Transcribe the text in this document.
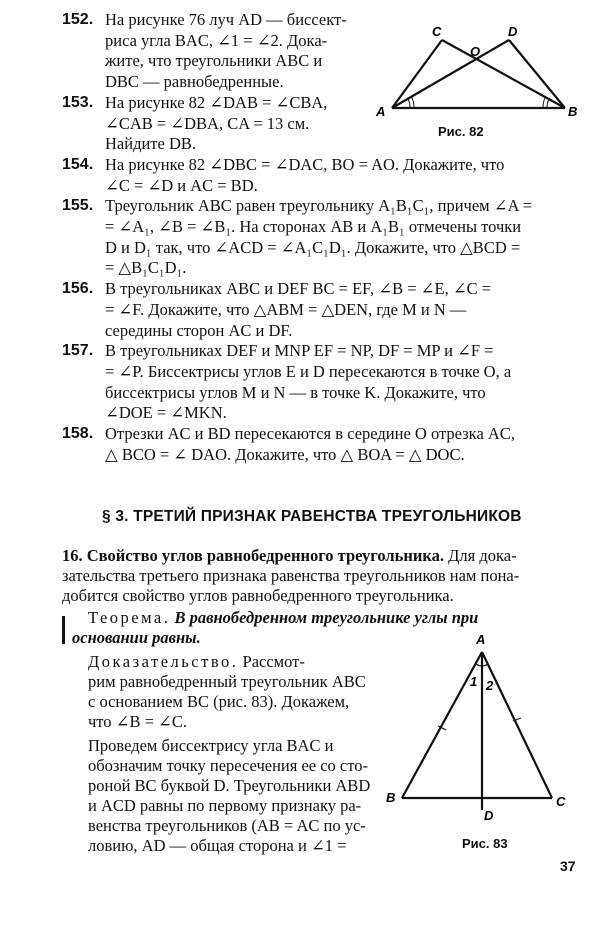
152. На рисунке 76 луч AD — биссект-
риса угла BAC, ∠1 = ∠2. Дока-
жите, что треугольники ABC и
DBC — равнобедренные.
153. На рисунке 82 ∠DAB = ∠CBA,
∠CAB = ∠DBA, CA = 13 см.
Найдите DB.
154. На рисунке 82 ∠DBC = ∠DAC, BO = AO. Докажите, что
∠C = ∠D и AC = BD.
155. Треугольник ABC равен треугольнику A₁B₁C₁, причем ∠A =
= ∠A₁, ∠B = ∠B₁. На сторонах AB и A₁B₁ отмечены точки
D и D₁ так, что ∠ACD = ∠A₁C₁D₁. Докажите, что △BCD =
= △B₁C₁D₁.
156. В треугольниках ABC и DEF BC = EF, ∠B = ∠E, ∠C =
= ∠F. Докажите, что △ABM = △DEN, где M и N —
середины сторон AC и DF.
157. В треугольниках DEF и MNP EF = NP, DF = MP и ∠F =
= ∠P. Биссектрисы углов E и D пересекаются в точке O, а
биссектрисы углов M и N — в точке K. Докажите, что
∠DOE = ∠MKN.
158. Отрезки AC и BD пересекаются в середине O отрезка AC,
△ BCO = ∠ DAO. Докажите, что △ BOA = △ DOC.
A	B
C	D
O
Рис. 82
§ 3. ТРЕТИЙ ПРИЗНАК РАВЕНСТВА ТРЕУГОЛЬНИКОВ
16. Свойство углов равнобедренного треугольника. Для дока-
зательства третьего признака равенства треугольников нам пона-
добится свойство углов равнобедренного треугольника.
Теорема. В равнобедренном треугольнике углы при
основании равны.
Доказательство. Рассмот-
рим равнобедренный треугольник ABC
с основанием BC (рис. 83). Докажем,
что ∠B = ∠C.
Проведем биссектрису угла BAC и
обозначим точку пересечения ее со сто-
роной BC буквой D. Треугольники ABD
и ACD равны по первому признаку ра-
венства треугольников (AB = AC по ус-
ловию, AD — общая сторона и ∠1 =
A
B	C
D
1 2
Рис. 83
37
